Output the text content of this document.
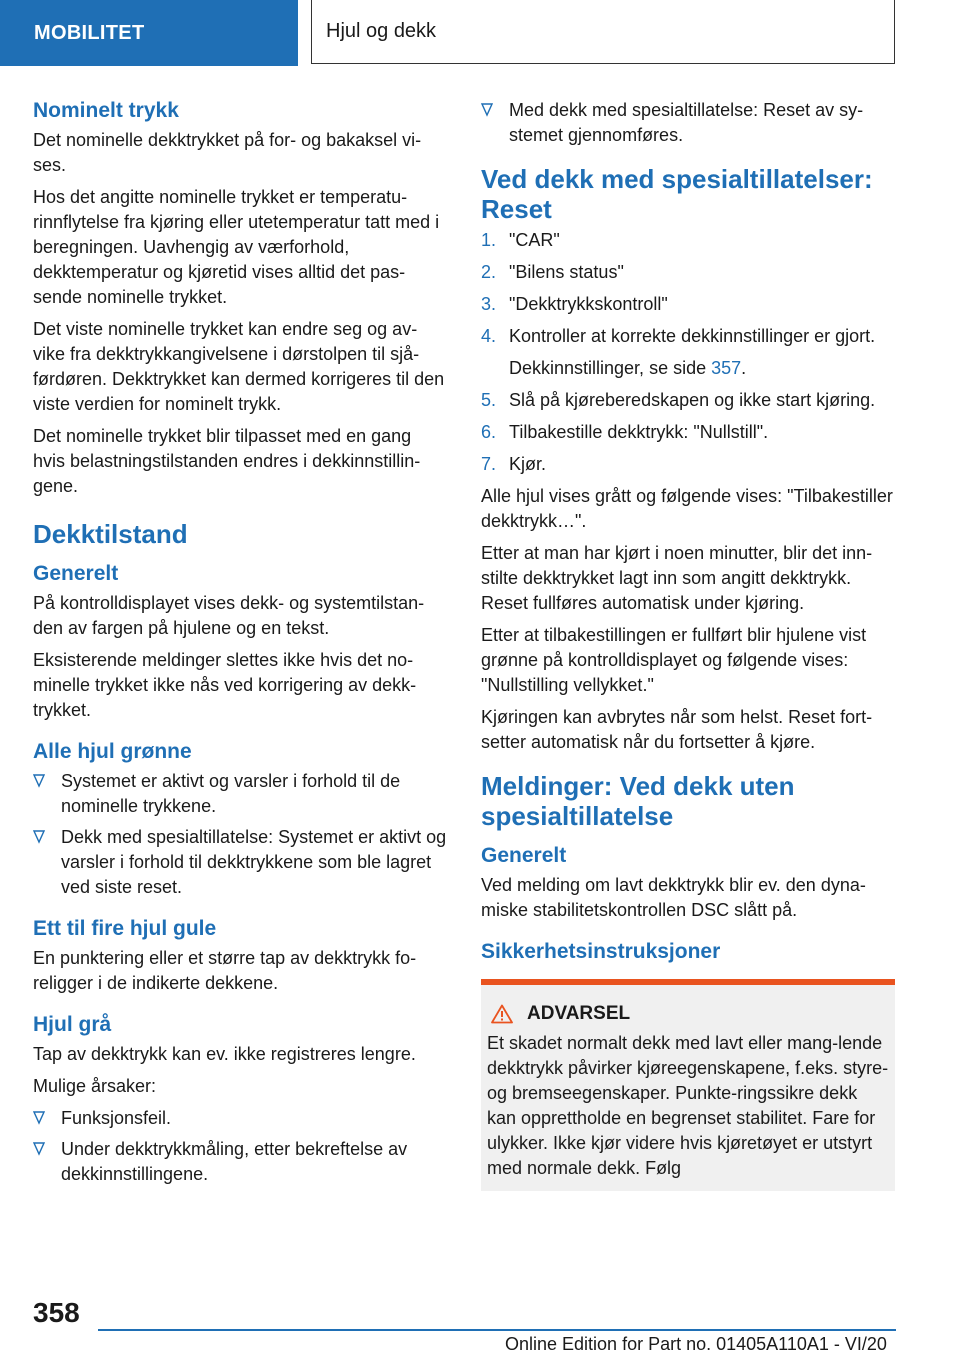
MOBILITET	Hjul og dekk
Nominelt trykk

Det nominelle dekktrykket på for- og bakaksel vi-ses.

Hos det angitte nominelle trykket er temperatu-rinnflytelse fra kjøring eller utetemperatur tatt med i beregningen. Uavhengig av værforhold, dekktemperatur og kjøretid vises alltid det pas-sende nominelle trykket.

Det viste nominelle trykket kan endre seg og av-vike fra dekktrykkangivelsene i dørstolpen til sjå-førdøren. Dekktrykket kan dermed korrigeres til den viste verdien for nominelt trykk.

Det nominelle trykket blir tilpasset med en gang hvis belastningstilstanden endres i dekkinnstillin-gene.

Dekktilstand
Generelt

På kontrolldisplayet vises dekk- og systemtilstan-den av fargen på hjulene og en tekst.

Eksisterende meldinger slettes ikke hvis det no-minelle trykket ikke nås ved korrigering av dekk-trykket.

Alle hjul grønne
Systemet er aktivt og varsler i forhold til de nominelle trykkene.
Dekk med spesialtillatelse: Systemet er aktivt og varsler i forhold til dekktrykkene som ble lagret ved siste reset.
Ett til fire hjul gule

En punktering eller et større tap av dekktrykk fo-religger i de indikerte dekkene.

Hjul grå

Tap av dekktrykk kan ev. ikke registreres lengre.

Mulige årsaker:

Funksjonsfeil.
Under dekktrykkmåling, etter bekreftelse av dekkinnstillingene.
Med dekk med spesialtillatelse: Reset av sy-stemet gjennomføres.
Ved dekk med spesialtillatelser: Reset
1. "CAR"
2. "Bilens status"
3. "Dekktrykkskontroll"
4. Kontroller at korrekte dekkinnstillinger er gjort.
Dekkinnstillinger, se side 357.
5. Slå på kjøreberedskapen og ikke start kjøring.
6. Tilbakestille dekktrykk: "Nullstill".
7. Kjør.

Alle hjul vises grått og følgende vises: "Tilbakestiller dekktrykk…".

Etter at man har kjørt i noen minutter, blir det inn-stilte dekktrykket lagt inn som angitt dekktrykk. Reset fullføres automatisk under kjøring.

Etter at tilbakestillingen er fullført blir hjulene vist grønne på kontrolldisplayet og følgende vises: "Nullstilling vellykket."

Kjøringen kan avbrytes når som helst. Reset fort-setter automatisk når du fortsetter å kjøre.

Meldinger: Ved dekk uten spesialtillatelse
Generelt

Ved melding om lavt dekktrykk blir ev. den dyna-miske stabilitetskontrollen DSC slått på.

Sikkerhetsinstruksjoner
ADVARSEL

Et skadet normalt dekk med lavt eller mang-lende dekktrykk påvirker kjøreegenskapene, f.eks. styre- og bremseegenskaper. Punkte-ringssikre dekk kan opprettholde en begrenset stabilitet. Fare for ulykker. Ikke kjør videre hvis kjøretøyet er utstyrt med normale dekk. Følg

358
Online Edition for Part no. 01405A110A1 - VI/20
